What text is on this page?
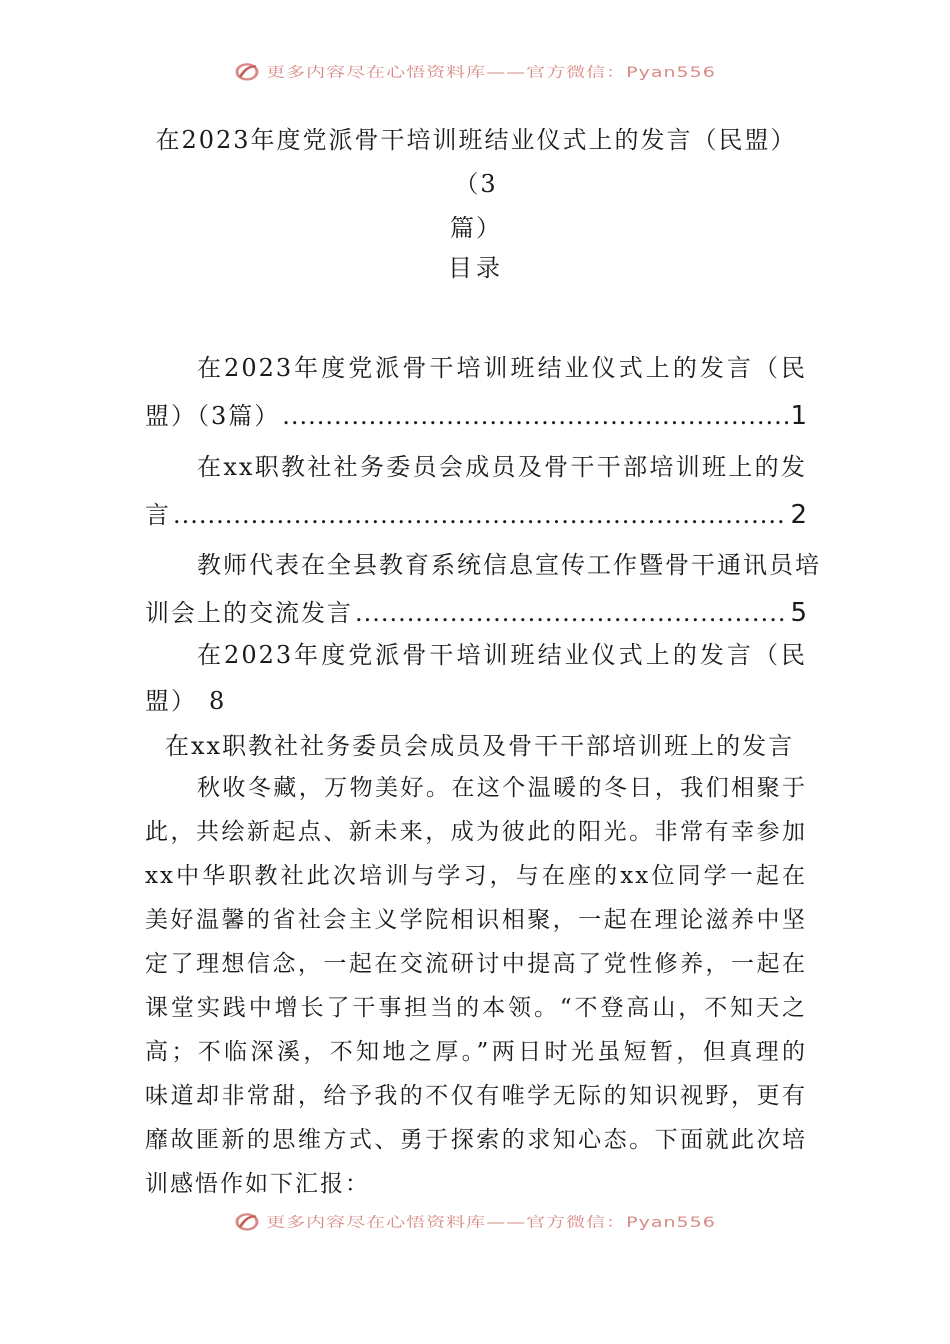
更多内容尽在心悟资料库——官方微信：Pyan556
在2023年度党派骨干培训班结业仪式上的发言（民盟）（3
篇）
目录
在2023年度党派骨干培训班结业仪式上的发言（民
盟）（3篇） .....	1
在xx职教社社务委员会成员及骨干干部培训班上的发
言 .....	2
教师代表在全县教育系统信息宣传工作暨骨干通讯员培
训会上的交流发言 .....	5
在2023年度党派骨干培训班结业仪式上的发言（民
盟） 8
在xx职教社社务委员会成员及骨干干部培训班上的发言
秋收冬藏，万物美好。在这个温暖的冬日，我们相聚于
此，共绘新起点、新未来，成为彼此的阳光。非常有幸参加
xx中华职教社此次培训与学习，与在座的xx位同学一起在
美好温馨的省社会主义学院相识相聚，一起在理论滋养中坚
定了理想信念，一起在交流研讨中提高了党性修养，一起在
课堂实践中增长了干事担当的本领。“不登高山，不知天之
高；不临深溪，不知地之厚。”两日时光虽短暂，但真理的
味道却非常甜，给予我的不仅有唯学无际的知识视野，更有
靡故匪新的思维方式、勇于探索的求知心态。下面就此次培
训感悟作如下汇报：
更多内容尽在心悟资料库——官方微信：Pyan556
